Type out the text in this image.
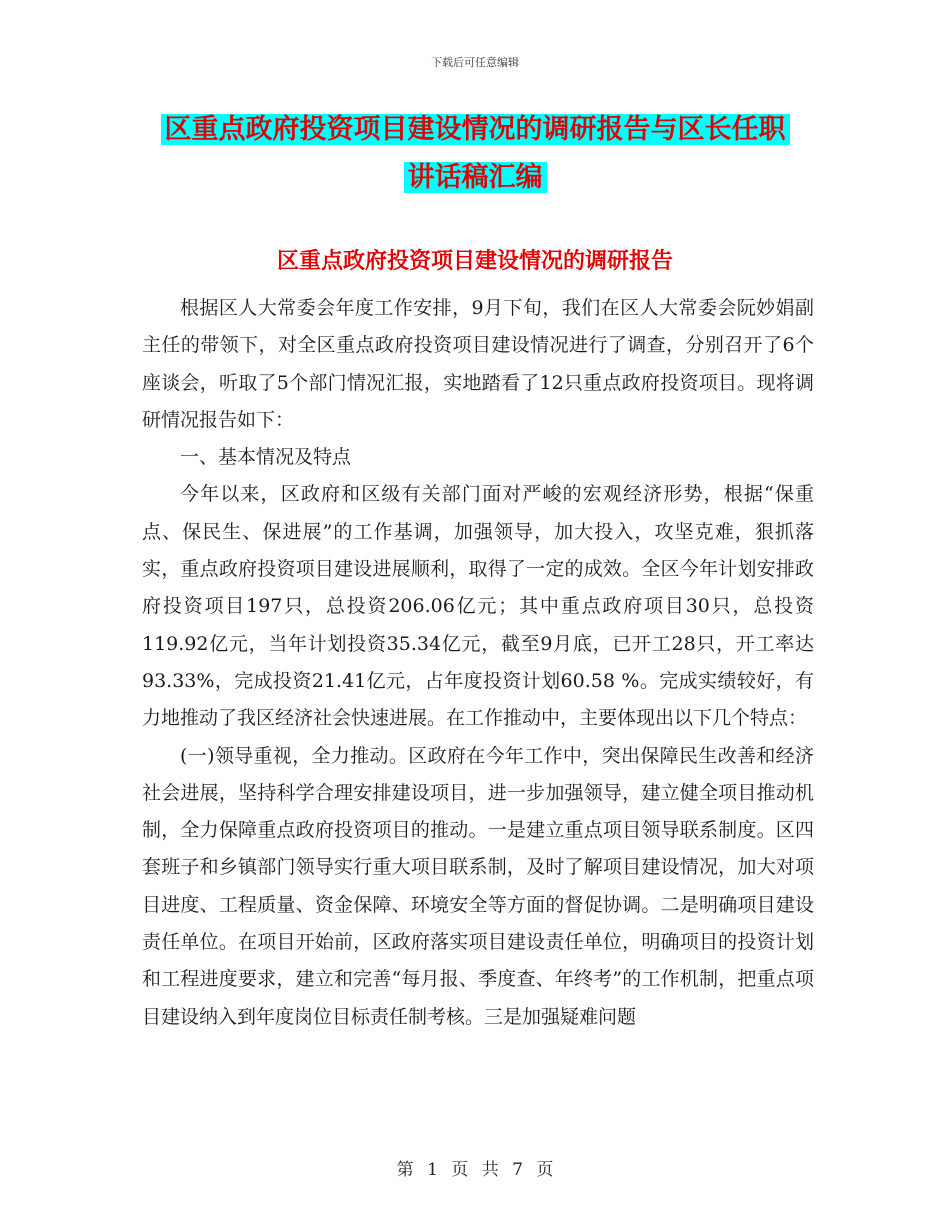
下载后可任意编辑
区重点政府投资项目建设情况的调研报告与区长任职
讲话稿汇编
区重点政府投资项目建设情况的调研报告

根据区人大常委会年度工作安排，9月下旬，我们在区人大常委会阮妙娟副主任的带领下，对全区重点政府投资项目建设情况进行了调查，分别召开了6个座谈会，听取了5个部门情况汇报，实地踏看了12只重点政府投资项目。现将调研情况报告如下：

一、基本情况及特点

今年以来，区政府和区级有关部门面对严峻的宏观经济形势，根据“保重点、保民生、保进展”的工作基调，加强领导，加大投入，攻坚克难，狠抓落实，重点政府投资项目建设进展顺利，取得了一定的成效。全区今年计划安排政府投资项目197只，总投资206.06亿元；其中重点政府项目30只，总投资119.92亿元，当年计划投资35.34亿元，截至9月底，已开工28只，开工率达93.33%，完成投资21.41亿元，占年度投资计划60.58 %。完成实绩较好，有力地推动了我区经济社会快速进展。在工作推动中，主要体现出以下几个特点：

(一)领导重视，全力推动。区政府在今年工作中，突出保障民生改善和经济社会进展，坚持科学合理安排建设项目，进一步加强领导，建立健全项目推动机制，全力保障重点政府投资项目的推动。一是建立重点项目领导联系制度。区四套班子和乡镇部门领导实行重大项目联系制，及时了解项目建设情况，加大对项目进度、工程质量、资金保障、环境安全等方面的督促协调。二是明确项目建设责任单位。在项目开始前，区政府落实项目建设责任单位，明确项目的投资计划和工程进度要求，建立和完善“每月报、季度查、年终考”的工作机制，把重点项目建设纳入到年度岗位目标责任制考核。三是加强疑难问题

第 1 页 共 7 页
